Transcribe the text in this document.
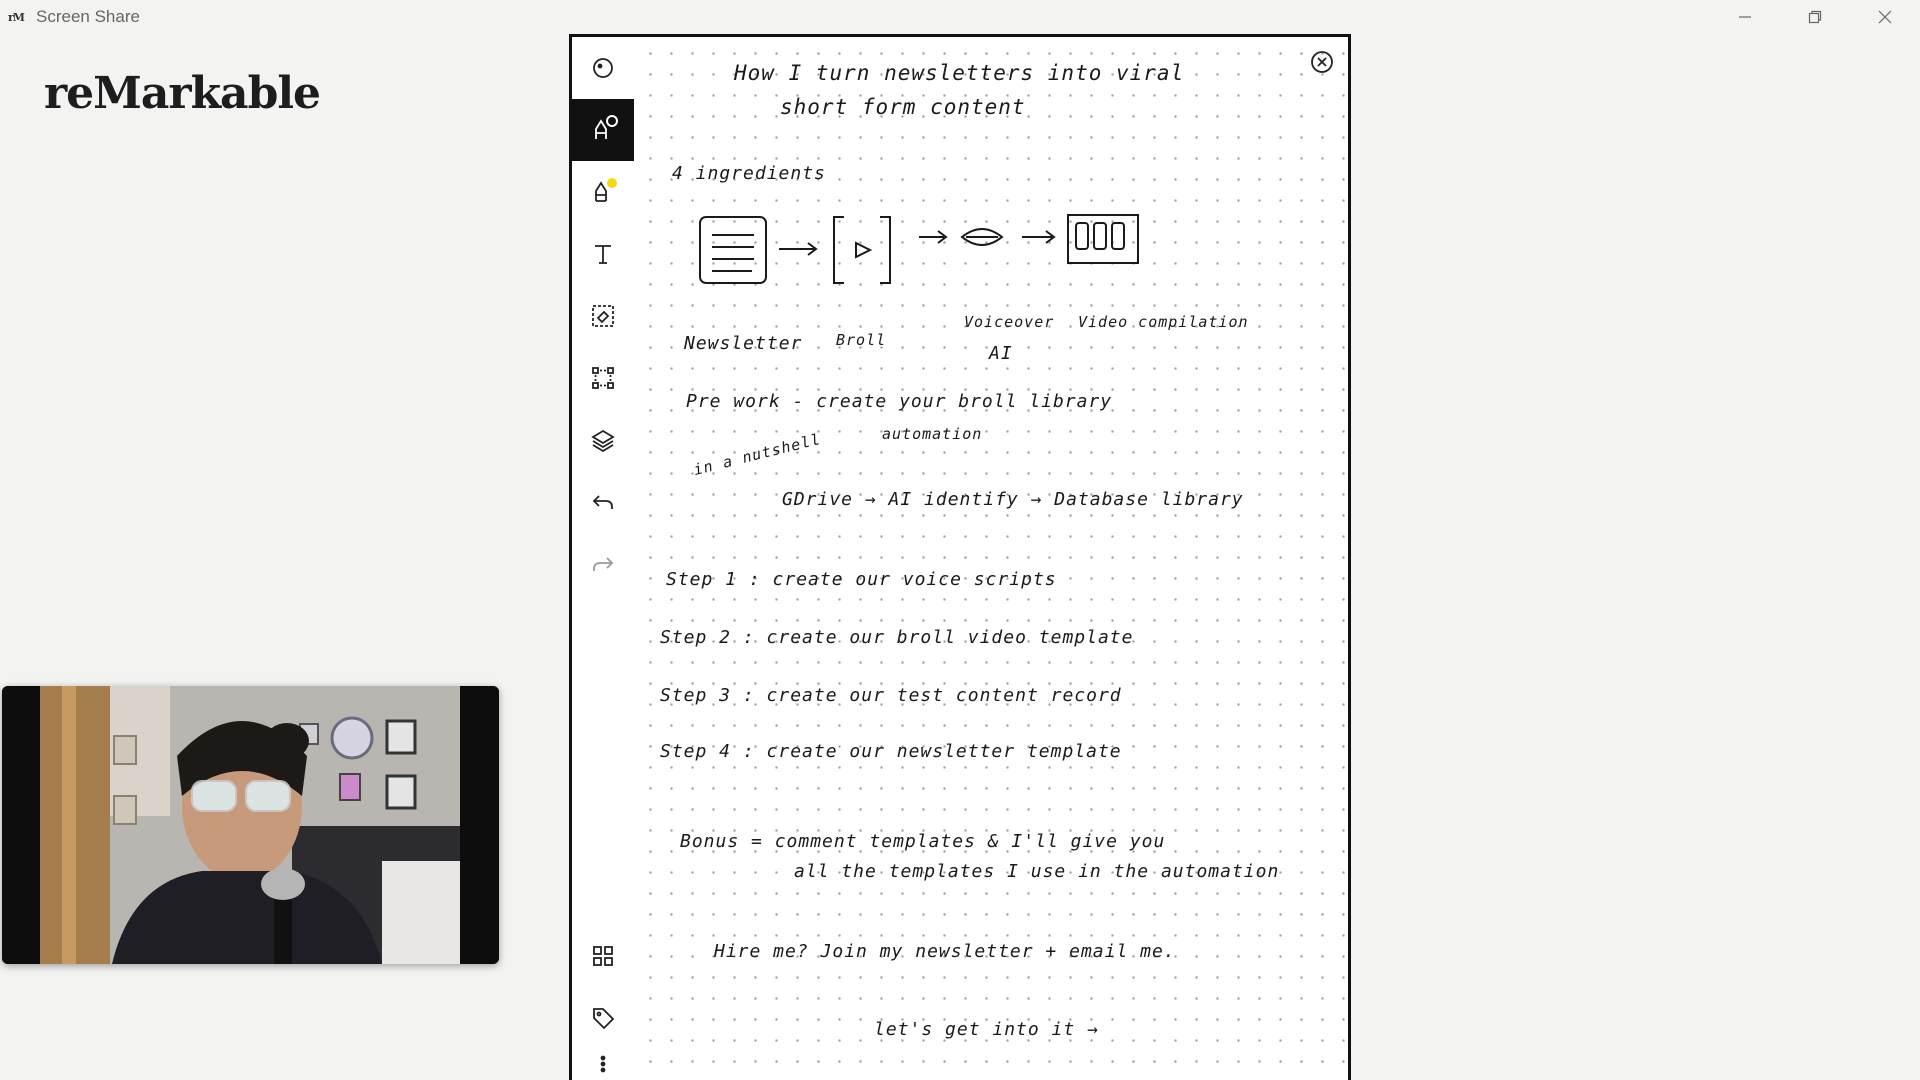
rM Screen Share
reMarkable	How I turn newsletters into viral
short form content
4 ingredients
Newsletter Broll
Voiceover
AI
Video compilation
Pre work - create your broll library
automation
in a nutshell
GDrive → AI identify → Database library
Step 1 : create our voice scripts
Step 2 : create our broll video template
Step 3 : create our test content record
Step 4 : create our newsletter template
Bonus = comment templates & I'll give you
all the templates I use in the automation
Hire me? Join my newsletter + email me.
let's get into it →
